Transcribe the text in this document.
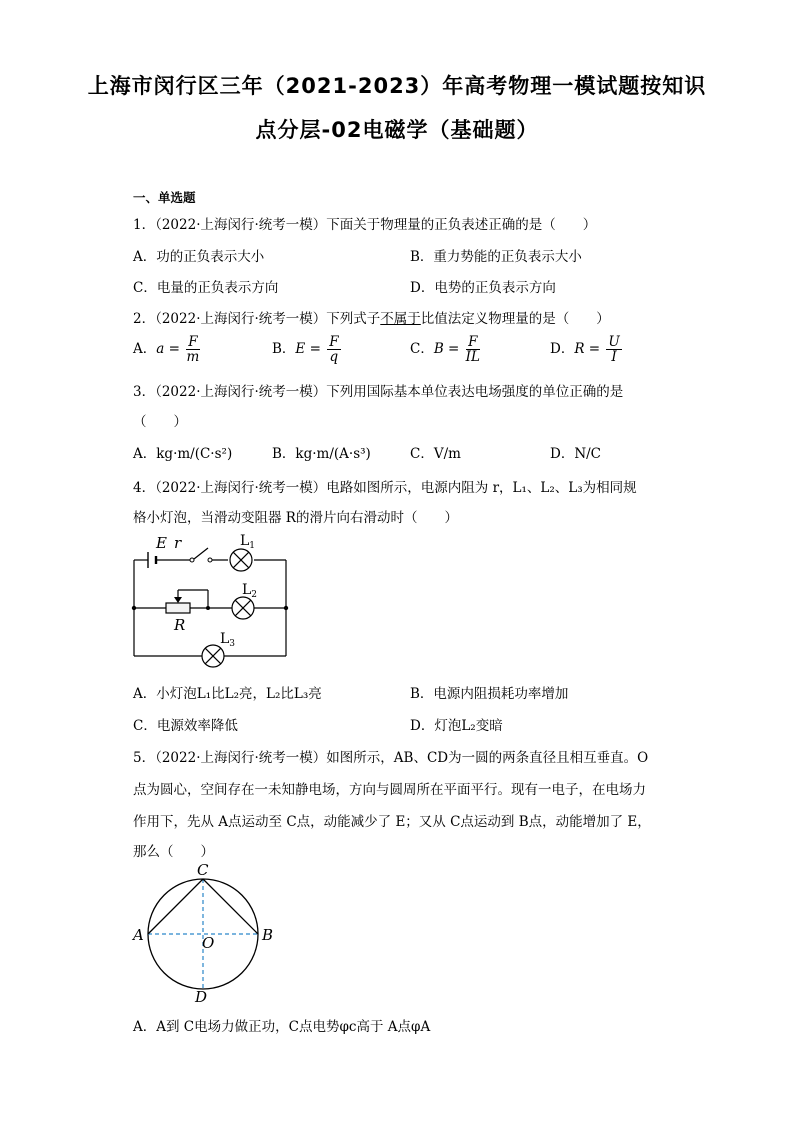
上海市闵行区三年（2021-2023）年高考物理一模试题按知识
点分层-02电磁学（基础题）
一、单选题
1．（2022·上海闵行·统考一模）下面关于物理量的正负表述正确的是（　　）
A．功的正负表示大小	B．重力势能的正负表示大小
C．电量的正负表示方向	D．电势的正负表示方向
2．（2022·上海闵行·统考一模）下列式子不属于比值法定义物理量的是（　　）
A．$a = \frac{F}{m}$	B．$E = \frac{F}{q}$	C．$B = \frac{F}{IL}$	D．$R = \frac{U}{I}$
3．（2022·上海闵行·统考一模）下列用国际基本单位表达电场强度的单位正确的是
（　　）
A．kg·m/(C·s²)	B．kg·m/(A·s³)	C．V/m	D．N/C
4．（2022·上海闵行·统考一模）电路如图所示，电源内阻为 r，L₁、L₂、L₃为相同规
格小灯泡，当滑动变阻器 R的滑片向右滑动时（　　）
E r	$L_1$
$L_2$
R
$L_3$
A．小灯泡L₁比L₂亮，L₂比L₃亮	B．电源内阻损耗功率增加
C．电源效率降低	D．灯泡L₂变暗
5．（2022·上海闵行·统考一模）如图所示，AB、CD为一圆的两条直径且相互垂直。O
点为圆心，空间存在一未知静电场，方向与圆周所在平面平行。现有一电子，在电场力
作用下，先从 A点运动至 C点，动能减少了 E；又从 C点运动到 B点，动能增加了 E，
那么（　　）
C
A	B
O
D
A．A到 C电场力做正功，C点电势φc高于 A点φA
